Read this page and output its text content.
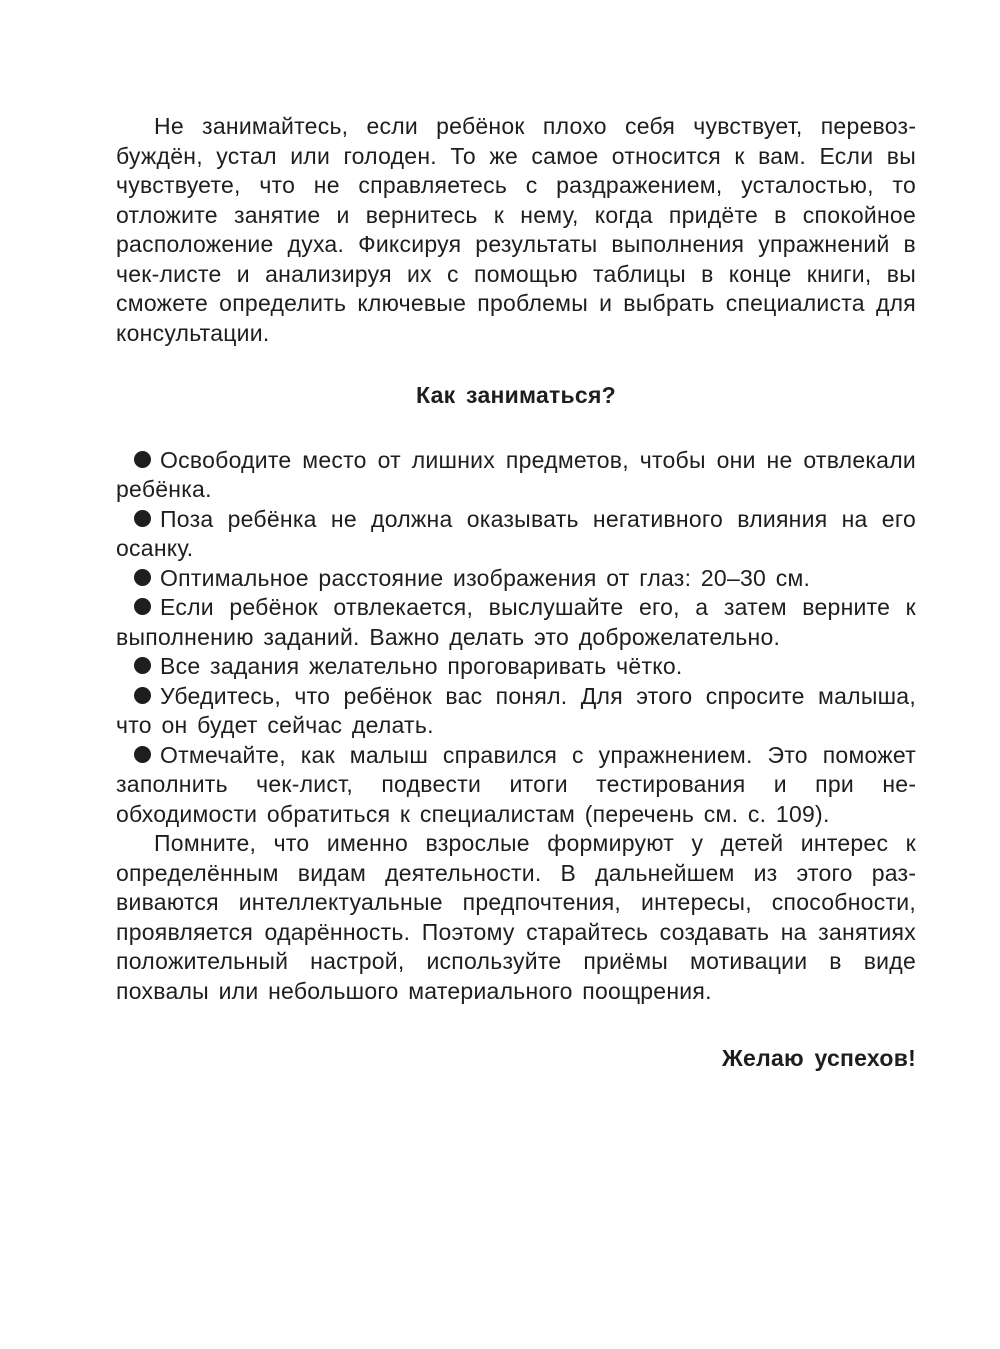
Не занимайтесь, если ребёнок плохо себя чувствует, перевозбуждён, устал или голоден. То же самое относится к вам. Если вы чувствуете, что не справляетесь с раздражением, усталостью, то отложите занятие и вернитесь к нему, когда придёте в спокойное расположение духа. Фиксируя результаты выполнения упражнений в чек-листе и анализируя их с помощью таблицы в конце книги, вы сможете определить ключевые проблемы и выбрать специалиста для консультации.

Как заниматься?
Освободите место от лишних предметов, чтобы они не отвлекали ребёнка.
Поза ребёнка не должна оказывать негативного влияния на его осанку.
Оптимальное расстояние изображения от глаз: 20–30 см.
Если ребёнок отвлекается, выслушайте его, а затем верните к выполнению заданий. Важно делать это доброжелательно.
Все задания желательно проговаривать чётко.
Убедитесь, что ребёнок вас понял. Для этого спросите малыша, что он будет сейчас делать.
Отмечайте, как малыш справился с упражнением. Это поможет заполнить чек-лист, подвести итоги тестирования и при необходимости обратиться к специалистам (перечень см. с. 109).

Помните, что именно взрослые формируют у детей интерес к определённым видам деятельности. В дальнейшем из этого развиваются интеллектуальные предпочтения, интересы, способности, проявляется одарённость. Поэтому старайтесь создавать на занятиях положительный настрой, используйте приёмы мотивации в виде похвалы или небольшого материального поощрения.

Желаю успехов!
